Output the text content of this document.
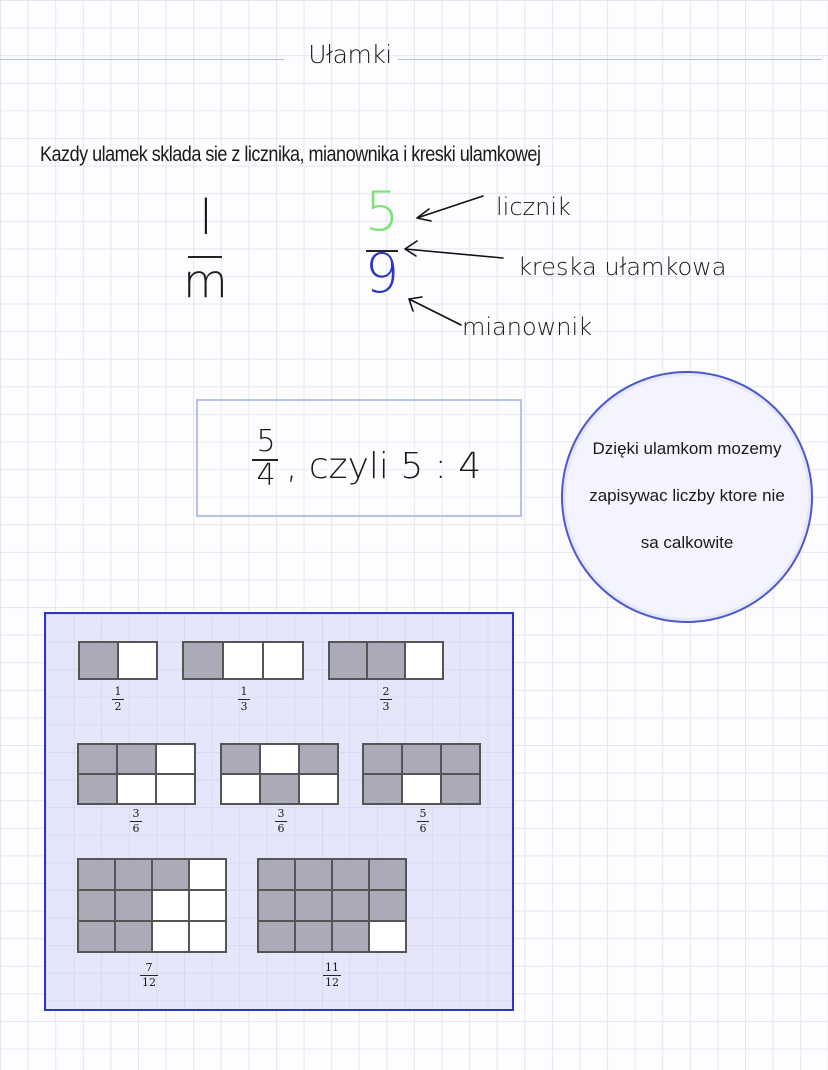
Ułamki
Kazdy ulamek sklada sie z licznika, mianownika i kreski ulamkowej
l
m
5
9
licznik
kreska ułamkowa
mianownik
5
4 , czyli 5 : 4	Dzięki ulamkom mozemy
zapisywac liczby ktore nie
sa calkowite
1
2
1
3
2
3
3
6
3
6
5
6
7
12
11
12
